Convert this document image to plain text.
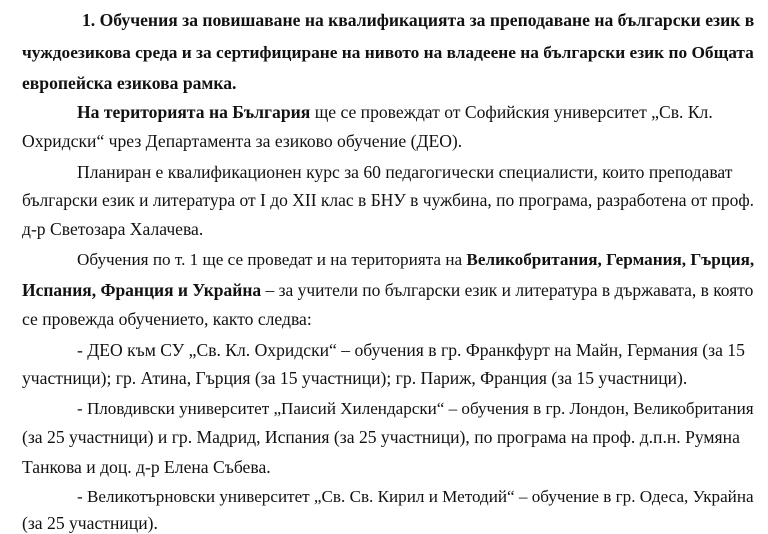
1. Обучения за повишаване на квалификацията за преподаване на български език в
чуждоезикова среда и за сертифициране на нивото на владеене на български език по Общата
европейска езикова рамка.
На територията на България ще се провеждат от Софийския университет „Св. Кл.
Охридски“ чрез Департамента за езиково обучение (ДЕО).
Планиран е квалификационен курс за 60 педагогически специалисти, които преподават
български език и литература от I до XII клас в БНУ в чужбина, по програма, разработена от проф.
д-р Светозара Халачева.
Обучения по т. 1 ще се проведат и на територията на Великобритания, Германия, Гърция,
Испания, Франция и Украйна – за учители по български език и литература в държавата, в която
се провежда обучението, както следва:
- ДЕО към СУ „Св. Кл. Охридски“ – обучения в гр. Франкфурт на Майн, Германия (за 15
участници); гр. Атина, Гърция (за 15 участници); гр. Париж, Франция (за 15 участници).
- Пловдивски университет „Паисий Хилендарски“ – обучения в гр. Лондон, Великобритания
(за 25 участници) и гр. Мадрид, Испания (за 25 участници), по програма на проф. д.п.н. Румяна
Танкова и доц. д-р Елена Събева.
- Великотърновски университет „Св. Св. Кирил и Методий“ – обучение в гр. Одеса, Украйна
(за 25 участници).
